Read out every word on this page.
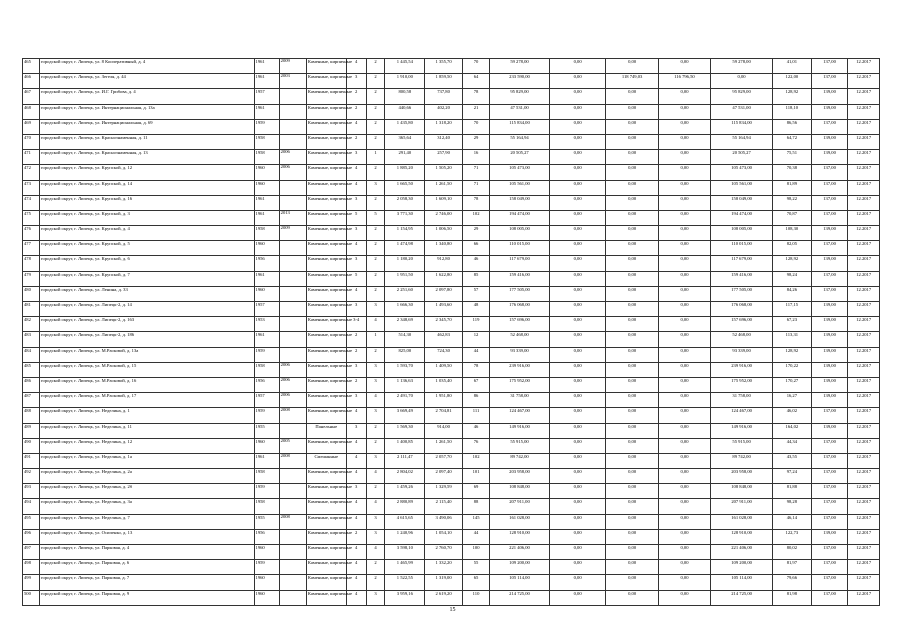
465	городской округ, г. Липецк, ул. 8 Кооперативный, д. 4	1961	2009	Каменные, кирпичные	4	2	1 445,54	1 355,70	70	59 278,00	0,00	0,00	0,00	59 278,00	41,01	137,00	12.2017
466	городской округ, г. Липецк, ул. Зегеля, д. 44	1961	2003	Каменные, кирпичные	3	2	1 910,00	1 859,50	64	233 590,00	0,00	118 749,03	116 796,50	0,00	122,00	137,00	12.2017
467	городской округ, г. Липецк, ул. И.Г. Грибова, д. 4	1957		Каменные, кирпичные	2	2	800,58	737,80	78	95 829,00	0,00	0,00	0,00	95 829,00	128,92	139,00	12.2017
468	городской округ, г. Липецк, ул. Интернациональная, д. 13а	1961		Каменные, кирпичные	2	2	440,66	402,20	21	47 531,00	0,00	0,00	0,00	47 531,00	118,10	139,00	12.2017
469	городской округ, г. Липецк, ул. Интернациональная, д. 69	1959		Каменные, кирпичные	4	2	1 435,80	1 318,20	70	115 834,00	0,00	0,00	0,00	115 834,00	86,56	137,00	12.2017
470	городской округ, г. Липецк, ул. Краснознаменная, д. 11	1958		Каменные, кирпичные	2	2	365,64	312,40	29	55 164,94	0,00	0,00	0,00	55 164,94	64,72	139,00	12.2017
471	городской округ, г. Липецк, ул. Краснознаменная, д. 13	1958	2006	Каменные, кирпичные	3	1	291,40	257,90	16	20 505,27	0,00	0,00	0,00	20 505,27	75,51	139,00	12.2017
472	городской округ, г. Липецк, ул. Крупской, д. 12	1960	2006	Каменные, кирпичные	4	2	1 885,20	1 505,20	71	105 473,00	0,00	0,00	0,00	105 473,00	70,38	137,00	12.2017
473	городской округ, г. Липецк, ул. Крупской, д. 14	1960		Каменные, кирпичные	4	3	1 665,50	1 261,50	71	105 561,00	0,00	0,00	0,00	105 561,00	81,89	137,00	12.2017
474	городской округ, г. Липецк, ул. Крупской, д. 16	1961		Каменные, кирпичные	3	2	2 058,30	1 609,10	78	158 049,00	0,00	0,00	0,00	158 049,00	98,22	137,00	12.2017
475	городской округ, г. Липецк, ул. Крупской, д. 3	1961	2013	Каменные, кирпичные	5	5	3 771,30	2 746,00	102	194 474,00	0,00	0,00	0,00	194 474,00	70,87	137,00	12.2017
476	городской округ, г. Липецк, ул. Крупской, д. 4	1958	2009	Каменные, кирпичные	3	2	1 154,95	1 006,50	29	108 005,00	0,00	0,00	0,00	108 005,00	108,30	139,00	12.2017
477	городской округ, г. Липецк, ул. Крупской, д. 5	1960		Каменные, кирпичные	4	2	1 474,98	1 340,80	66	110 015,00	0,00	0,00	0,00	110 015,00	82,05	137,00	12.2017
478	городской округ, г. Липецк, ул. Крупской, д. 6	1956		Каменные, кирпичные	3	2	1 180,20	912,80	46	117 679,00	0,00	0,00	0,00	117 679,00	128,92	139,00	12.2017
479	городской округ, г. Липецк, ул. Крупской, д. 7	1961		Каменные, кирпичные	5	2	1 951,50	1 622,80	85	159 416,00	0,00	0,00	0,00	159 416,00	98,24	137,00	12.2017
480	городской округ, г. Липецк, ул. Ленина, д. 33	1960		Каменные, кирпичные	4	2	2 251,60	2 097,80	57	177 505,00	0,00	0,00	0,00	177 505,00	84,26	137,00	12.2017
481	городской округ, г. Липецк, ул. Липецк-2, д. 14	1957		Каменные, кирпичные	3	3	1 666,30	1 493,60	48	176 068,00	0,00	0,00	0,00	176 068,00	117,15	139,00	12.2017
482	городской округ, г. Липецк, ул. Липецк-2, д. 163	1953		Каменные, кирпичные	3-4	4	2 348,69	2 345,70	119	157 696,00	0,00	0,00	0,00	157 696,00	67,23	139,00	12.2017
483	городской округ, г. Липецк, ул. Липецк-2, д. 186	1961		Каменные, кирпичные	2	1	514,30	462,83	12	52 468,00	0,00	0,00	0,00	52 468,00	113,31	139,00	12.2017
484	городской округ, г. Липецк, ул. М.Расковой, д. 13а	1959		Каменные, кирпичные	2	2	825,00	724,30	44	93 339,00	0,00	0,00	0,00	93 339,00	128,92	139,00	12.2017
485	городской округ, г. Липецк, ул. М.Расковой, д. 15	1958	2006	Каменные, кирпичные	3	3	1 593,70	1 409,50	78	239 916,00	0,00	0,00	0,00	239 916,00	170,22	139,00	12.2017
486	городской округ, г. Липецк, ул. М.Расковой, д. 16	1956	2006	Каменные, кирпичные	2	3	1 136,63	1 035,40	67	175 952,00	0,00	0,00	0,00	175 952,00	170,27	139,00	12.2017
487	городской округ, г. Липецк, ул. М.Расковой, д. 17	1957	2006	Каменные, кирпичные	3	4	2 491,70	1 951,80	86	31 758,00	0,00	0,00	0,00	31 758,00	16,27	139,00	12.2017
488	городской округ, г. Липецк, ул. Неделина, д. 1	1959	2008	Каменные, кирпичные	4	3	3 669,49	2 704,81	111	124 467,00	0,00	0,00	0,00	124 467,00	46,02	137,00	12.2017
489	городской округ, г. Липецк, ул. Неделина, д. 11	1955		Панельные	3	2	1 569,30	914,00	46	149 916,00	0,00	0,00	0,00	149 916,00	164,02	139,00	12.2017
490	городской округ, г. Липецк, ул. Неделина, д. 12	1960	2005	Каменные, кирпичные	4	2	1 400,85	1 261,50	76	55 915,00	0,00	0,00	0,00	55 915,00	44,34	137,00	12.2017
491	городской округ, г. Липецк, ул. Неделина, д. 1а	1961	2008	Смешанные	4	3	2 111,47	2 057,70	102	89 742,00	0,00	0,00	0,00	89 742,00	43,55	137,00	12.2017
492	городской округ, г. Липецк, ул. Неделина, д. 2а	1958		Каменные, кирпичные	4	4	2 804,02	2 097,40	101	203 958,00	0,00	0,00	0,00	203 958,00	97,24	137,00	12.2017
493	городской округ, г. Липецк, ул. Неделина, д. 2б	1959		Каменные, кирпичные	3	2	1 459,26	1 329,59	69	108 848,00	0,00	0,00	0,00	108 848,00	81,88	137,00	12.2017
494	городской округ, г. Липецк, ул. Неделина, д. 3а	1958		Каменные, кирпичные	4	4	2 880,89	2 115,40	88	207 911,00	0,00	0,00	0,00	207 911,00	98,28	137,00	12.2017
495	городской округ, г. Липецк, ул. Неделина, д. 7	1955	2008	Каменные, кирпичные	4	3	4 615,65	3 490,06	145	161 028,00	0,00	0,00	0,00	161 028,00	46,14	137,00	12.2017
496	городской округ, г. Липецк, ул. Осипенко, д. 13	1956		Каменные, кирпичные	2	3	1 240,96	1 054,10	44	128 910,00	0,00	0,00	0,00	128 910,00	122,73	139,00	12.2017
497	городской округ, г. Липецк, ул. Парковая, д. 4	1960		Каменные, кирпичные	4	4	3 598,10	2 760,70	100	221 406,00	0,00	0,00	0,00	221 406,00	80,02	137,00	12.2017
498	городской округ, г. Липецк, ул. Парковая, д. 6	1959		Каменные, кирпичные	4	2	1 465,99	1 332,20	55	109 200,00	0,00	0,00	0,00	109 200,00	81,97	137,00	12.2017
499	городской округ, г. Липецк, ул. Парковая, д. 7	1960		Каменные, кирпичные	4	2	1 522,55	1 319,00	65	105 114,00	0,00	0,00	0,00	105 114,00	79,66	137,00	12.2017
500	городской округ, г. Липецк, ул. Парковая, д. 9	1960		Каменные, кирпичные	4	3	3 959,16	2 619,20	110	214 725,00	0,00	0,00	0,00	214 725,00	81,98	137,00	12.2017
15
